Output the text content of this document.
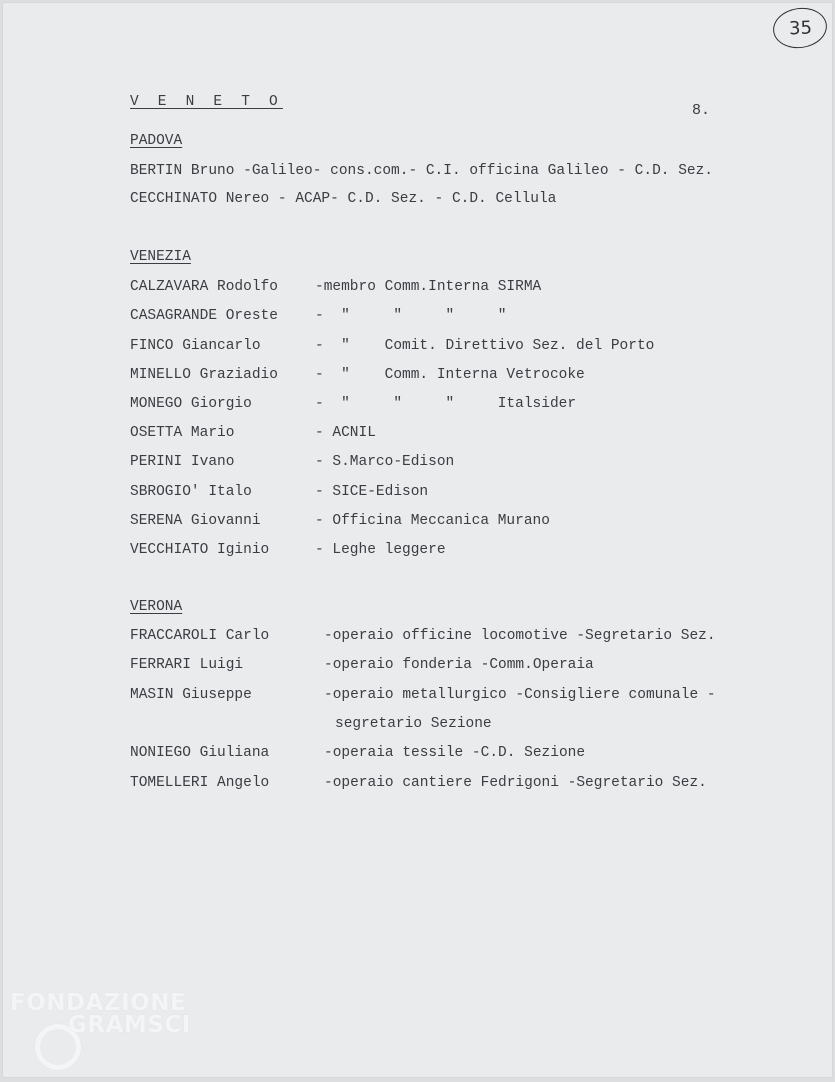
35
V E N E T O	8.
PADOVA
BERTIN Bruno -Galileo- cons.com.- C.I. officina Galileo - C.D. Sez.
CECCHINATO Nereo - ACAP- C.D. Sez. - C.D. Cellula
VENEZIA
CALZAVARA Rodolfo	-membro Comm.Interna SIRMA
CASAGRANDE Oreste	-  "     "     "     "
FINCO Giancarlo	-  "    Comit. Direttivo Sez. del Porto
MINELLO Graziadio	-  "    Comm. Interna Vetrocoke
MONEGO Giorgio	-  "     "     "     Italsider
OSETTA Mario	- ACNIL
PERINI Ivano	- S.Marco-Edison
SBROGIO' Italo	- SICE-Edison
SERENA Giovanni	- Officina Meccanica Murano
VECCHIATO Iginio	- Leghe leggere
VERONA
FRACCAROLI Carlo	-operaio officine locomotive -Segretario Sez.
FERRARI Luigi	-operaio fonderia -Comm.Operaia
MASIN Giuseppe	-operaio metallurgico -Consigliere comunale -
segretario Sezione
NONIEGO Giuliana	-operaia tessile -C.D. Sezione
TOMELLERI Angelo	-operaio cantiere Fedrigoni -Segretario Sez.
FONDAZIONE
GRAMSCI
